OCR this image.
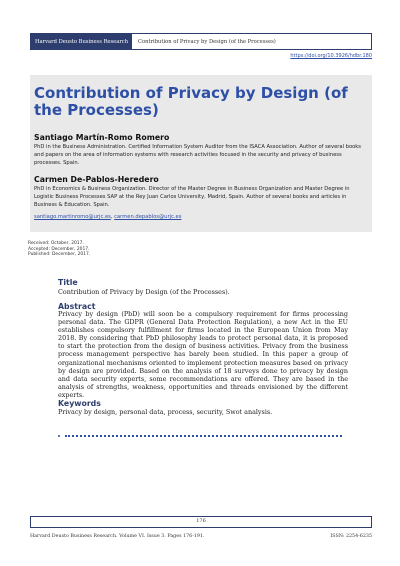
Harvard Deusto Business Research	Contribution of Privacy by Design (of the Processes)
https://doi.org/10.3926/hdbr.180
Contribution of Privacy by Design (of the Processes)
Santiago Martín-Romo Romero

PhD in the Business Administration. Certified Information System Auditor from the ISACA Association. Author of several books and papers on the area of information systems with research activities focused in the security and privacy of business processes. Spain.

Carmen De-Pablos-Heredero

PhD in Economics & Business Organization. Director of the Master Degree in Business Organization and Master Degree in Logistic Business Processes SAP at the Rey Juan Carlos University, Madrid, Spain. Author of several books and articles in Business & Education. Spain.

santiago.martinromo@urjc.es, carmen.depablos@urjc.es
Received: October, 2017.
Accepted: December, 2017.
Published: December, 2017.
Title

Contribution of Privacy by Design (of the Processes).

Abstract

Privacy by design (PbD) will soon be a compulsory requirement for firms processing personal data. The GDPR (General Data Protection Regulation), a new Act in the EU establishes compulsory fulfillment for firms located in the European Union from May 2018. By considering that PbD philosophy leads to protect personal data, it is proposed to start the protection from the design of business activities. Privacy from the business process management perspective has barely been studied. In this paper a group of organizational mechanisms oriented to implement protection measures based on privacy by design are provided. Based on the analysis of 18 surveys done to privacy by design and data security experts, some recommendations are offered. They are based in the analysis of strengths, weakness, opportunities and threads envisioned by the different experts.

Keywords

Privacy by design, personal data, process, security, Swot analysis.

176
Harvard Deusto Business Research. Volume VI. Issue 3. Pages 176-191.	ISSN: 2254-6235
